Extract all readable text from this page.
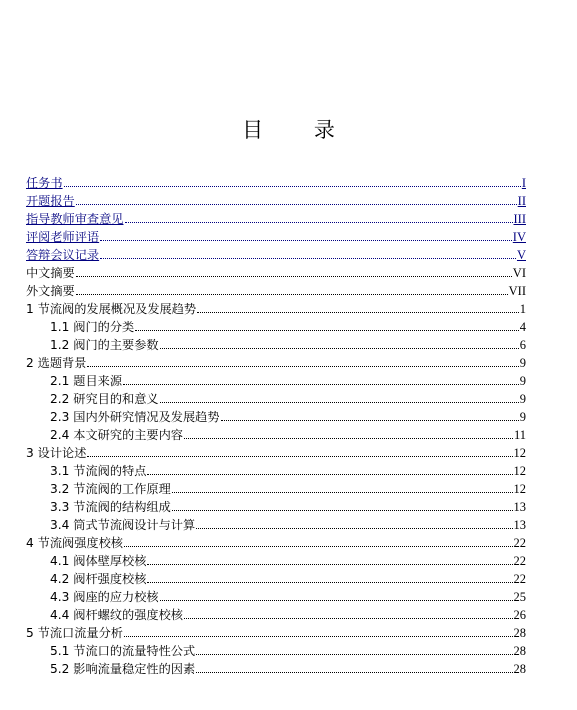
目 录
任务书	I
开题报告	II
指导教师审查意见	III
评阅老师评语	IV
答辩会议记录	V
中文摘要	VI
外文摘要	VII
1 节流阀的发展概况及发展趋势	1
1.1 阀门的分类	4
1.2 阀门的主要参数	6
2 选题背景	9
2.1 题目来源	9
2.2 研究目的和意义	9
2.3 国内外研究情况及发展趋势	9
2.4 本文研究的主要内容	11
3 设计论述	12
3.1 节流阀的特点	12
3.2 节流阀的工作原理	12
3.3 节流阀的结构组成	13
3.4 筒式节流阀设计与计算	13
4 节流阀强度校核	22
4.1 阀体壁厚校核	22
4.2 阀杆强度校核	22
4.3 阀座的应力校核	25
4.4 阀杆螺纹的强度校核	26
5 节流口流量分析	28
5.1 节流口的流量特性公式	28
5.2 影响流量稳定性的因素	28
